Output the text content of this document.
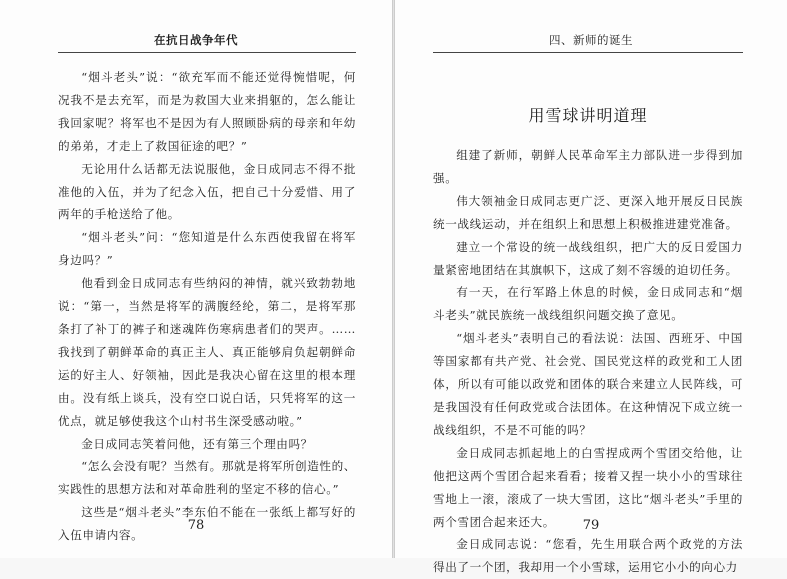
在抗日战争年代

“烟斗老头”说：“欲充军而不能还觉得惋惜呢，何况我不是去充军，而是为救国大业来捐躯的，怎么能让我回家呢？将军也不是因为有人照顾卧病的母亲和年幼的弟弟，才走上了救国征途的吧？”

无论用什么话都无法说服他，金日成同志不得不批准他的入伍，并为了纪念入伍，把自己十分爱惜、用了两年的手枪送给了他。

“烟斗老头”问：“您知道是什么东西使我留在将军身边吗？”

他看到金日成同志有些纳闷的神情，就兴致勃勃地说：“第一，当然是将军的满腹经纶，第二，是将军那条打了补丁的裤子和迷魂阵伤寒病患者们的哭声。……我找到了朝鲜革命的真正主人、真正能够肩负起朝鲜命运的好主人、好领袖，因此是我决心留在这里的根本理由。没有纸上谈兵，没有空口说白话，只凭将军的这一优点，就足够使我这个山村书生深受感动啦。”

金日成同志笑着问他，还有第三个理由吗？

“怎么会没有呢？当然有。那就是将军所创造性的、实践性的思想方法和对革命胜利的坚定不移的信心。”

这些是“烟斗老头”李东伯不能在一张纸上都写好的入伍申请内容。

78
四、新师的诞生
用雪球讲明道理

组建了新师，朝鲜人民革命军主力部队进一步得到加强。

伟大领袖金日成同志更广泛、更深入地开展反日民族统一战线运动，并在组织上和思想上积极推进建党准备。

建立一个常设的统一战线组织，把广大的反日爱国力量紧密地团结在其旗帜下，这成了刻不容缓的迫切任务。

有一天，在行军路上休息的时候，金日成同志和“烟斗老头”就民族统一战线组织问题交换了意见。

“烟斗老头”表明自己的看法说：法国、西班牙、中国等国家都有共产党、社会党、国民党这样的政党和工人团体，所以有可能以政党和团体的联合来建立人民阵线，可是我国没有任何政党或合法团体。在这种情况下成立统一战线组织，不是不可能的吗？

金日成同志抓起地上的白雪捏成两个雪团交给他，让他把这两个雪团合起来看看；接着又捏一块小小的雪球往雪地上一滚，滚成了一块大雪团，这比“烟斗老头”手里的两个雪团合起来还大。

金日成同志说：“您看，先生用联合两个政党的方法得出了一个团，我却用一个小雪球，运用它小小的向心力

79
